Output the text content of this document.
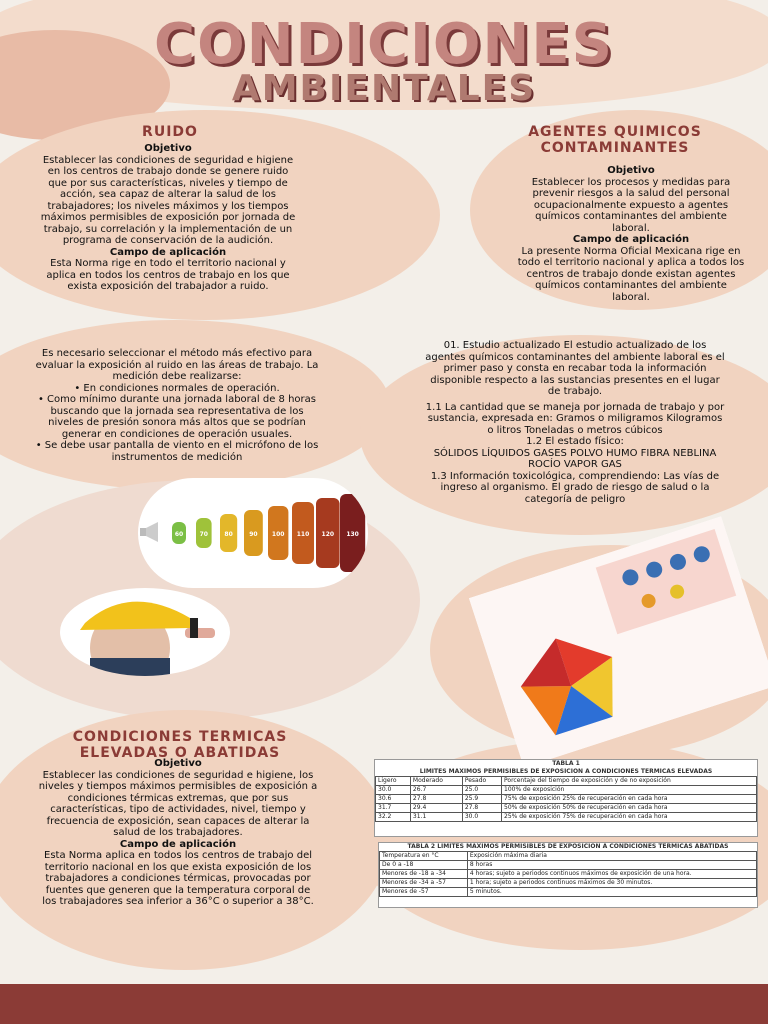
CONDICIONES
AMBIENTALES
RUIDO
Objetivo
Establecer las condiciones de seguridad e higiene en los centros de trabajo donde se genere ruido que por sus características, niveles y tiempo de acción, sea capaz de alterar la salud de los trabajadores; los niveles máximos y los tiempos máximos permisibles de exposición por jornada de trabajo, su correlación y la implementación de un programa de conservación de la audición.
Campo de aplicación
Esta Norma rige en todo el territorio nacional y aplica en todos los centros de trabajo en los que exista exposición del trabajador a ruido.
Es necesario seleccionar el método más efectivo para evaluar la exposición al ruido en las áreas de trabajo. La medición debe realizarse:
• En condiciones normales de operación.
• Como mínimo durante una jornada laboral de 8 horas buscando que la jornada sea representativa de los niveles de presión sonora más altos que se podrían generar en condiciones de operación usuales.
• Se debe usar pantalla de viento en el micrófono de los instrumentos de medición
60	70	80	90 100 110 120 130
AGENTES QUIMICOS
CONTAMINANTES
Objetivo
Establecer los procesos y medidas para prevenir riesgos a la salud del personal ocupacionalmente expuesto a agentes químicos contaminantes del ambiente laboral.
Campo de aplicación
La presente Norma Oficial Mexicana rige en todo el territorio nacional y aplica a todos los centros de trabajo donde existan agentes químicos contaminantes del ambiente laboral.
01. Estudio actualizado El estudio actualizado de los agentes químicos contaminantes del ambiente laboral es el primer paso y consta en recabar toda la información disponible respecto a las sustancias presentes en el lugar de trabajo.

1.1 La cantidad que se maneja por jornada de trabajo y por sustancia, expresada en: Gramos o miligramos Kilogramos o litros Toneladas o metros cúbicos
1.2 El estado físico:
SÓLIDOS LÍQUIDOS GASES POLVO HUMO FIBRA NEBLINA ROCÍO VAPOR GAS
1.3 Información toxicológica, comprendiendo: Las vías de ingreso al organismo. El grado de riesgo de salud o la categoría de peligro
CONDICIONES TERMICAS
ELEVADAS O ABATIDAS
Objetivo
Establecer las condiciones de seguridad e higiene, los niveles y tiempos máximos permisibles de exposición a condiciones térmicas extremas, que por sus características, tipo de actividades, nivel, tiempo y frecuencia de exposición, sean capaces de alterar la salud de los trabajadores.
Campo de aplicación
Esta Norma aplica en todos los centros de trabajo del territorio nacional en los que exista exposición de los trabajadores a condiciones térmicas, provocadas por fuentes que generen que la temperatura corporal de los trabajadores sea inferior a 36°C o superior a 38°C.
TABLA 1
LIMITES MAXIMOS PERMISIBLES DE EXPOSICION A CONDICIONES TERMICAS ELEVADAS
Ligero	Moderado	Pesado	Porcentaje del tiempo de exposición y de no exposición
30.0	26.7	25.0	100% de exposición
30.6	27.8	25.9	75% de exposición 25% de recuperación en cada hora
31.7	29.4	27.8	50% de exposición 50% de recuperación en cada hora
32.2	31.1	30.0	25% de exposición 75% de recuperación en cada hora
TABLA 2 LIMITES MAXIMOS PERMISIBLES DE EXPOSICION A CONDICIONES TERMICAS ABATIDAS
Temperatura en °C	Exposición máxima diaria
De 0 a -18	8 horas
Menores de -18 a -34	4 horas; sujeto a periodos continuos máximos de exposición de una hora.
Menores de -34 a -57	1 hora; sujeto a periodos continuos máximos de 30 minutos.
Menores de -57	5 minutos.
